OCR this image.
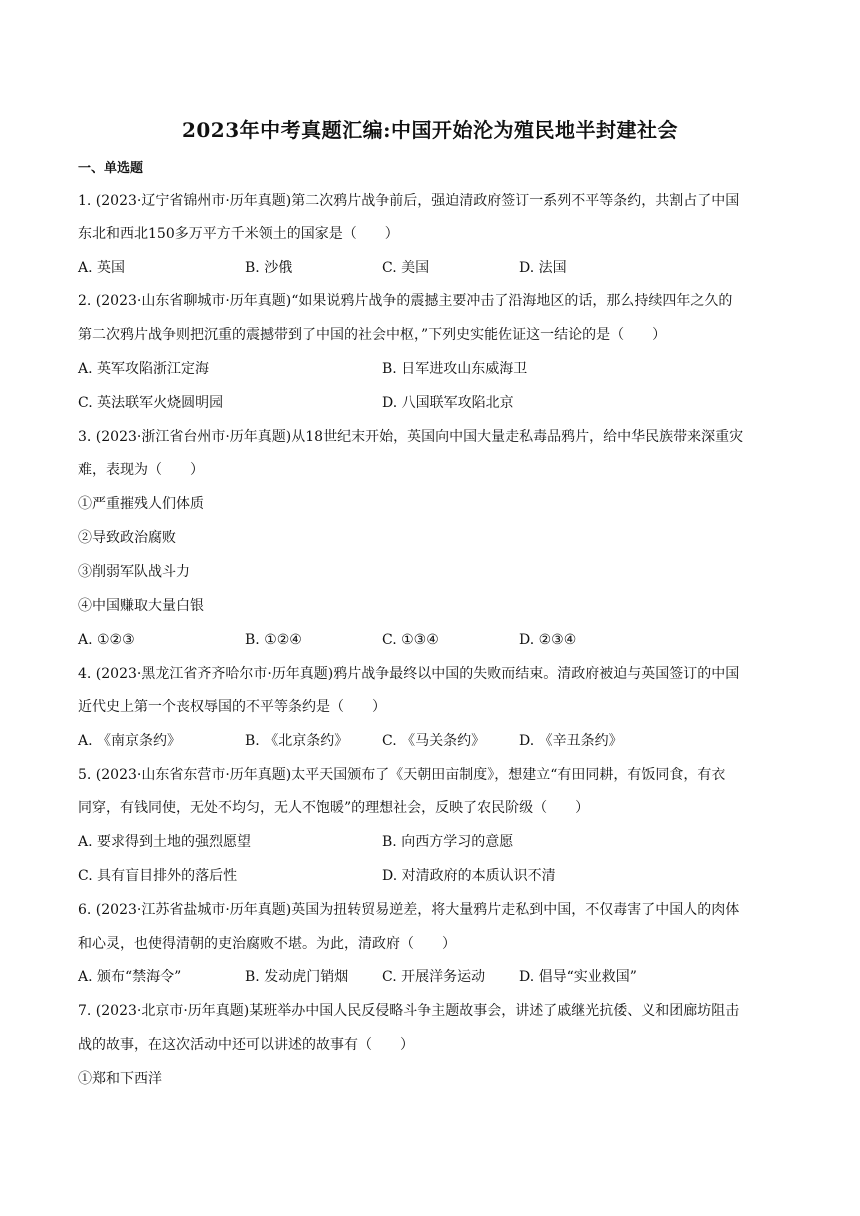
2023年中考真题汇编:中国开始沦为殖民地半封建社会
一、单选题
1. (2023·辽宁省锦州市·历年真题)第二次鸦片战争前后，强迫清政府签订一系列不平等条约，共割占了中国
东北和西北150多万平方千米领土的国家是（　　）
A. 英国	B. 沙俄	C. 美国	D. 法国
2. (2023·山东省聊城市·历年真题)“如果说鸦片战争的震撼主要冲击了沿海地区的话，那么持续四年之久的
第二次鸦片战争则把沉重的震撼带到了中国的社会中枢，”下列史实能佐证这一结论的是（　　）
A. 英军攻陷浙江定海	B. 日军进攻山东威海卫
C. 英法联军火烧圆明园	D. 八国联军攻陷北京
3. (2023·浙江省台州市·历年真题)从18世纪末开始，英国向中国大量走私毒品鸦片，给中华民族带来深重灾
难，表现为（　　）
①严重摧残人们体质
②导致政治腐败
③削弱军队战斗力
④中国赚取大量白银
A. ①②③	B. ①②④	C. ①③④	D. ②③④
4. (2023·黑龙江省齐齐哈尔市·历年真题)鸦片战争最终以中国的失败而结束。清政府被迫与英国签订的中国
近代史上第一个丧权辱国的不平等条约是（　　）
A. 《南京条约》	B. 《北京条约》 C. 《马关条约》 D. 《辛丑条约》
5. (2023·山东省东营市·历年真题)太平天国颁布了《天朝田亩制度》，想建立“有田同耕，有饭同食，有衣
同穿，有钱同使，无处不均匀，无人不饱暖”的理想社会，反映了农民阶级（　　）
A. 要求得到土地的强烈愿望	B. 向西方学习的意愿
C. 具有盲目排外的落后性	D. 对清政府的本质认识不清
6. (2023·江苏省盐城市·历年真题)英国为扭转贸易逆差，将大量鸦片走私到中国，不仅毒害了中国人的肉体
和心灵，也使得清朝的吏治腐败不堪。为此，清政府（　　）
A. 颁布“禁海令”	B. 发动虎门销烟 C. 开展洋务运动 D. 倡导“实业救国”
7. (2023·北京市·历年真题)某班举办中国人民反侵略斗争主题故事会，讲述了戚继光抗倭、义和团廊坊阻击
战的故事，在这次活动中还可以讲述的故事有（　　）
①郑和下西洋
